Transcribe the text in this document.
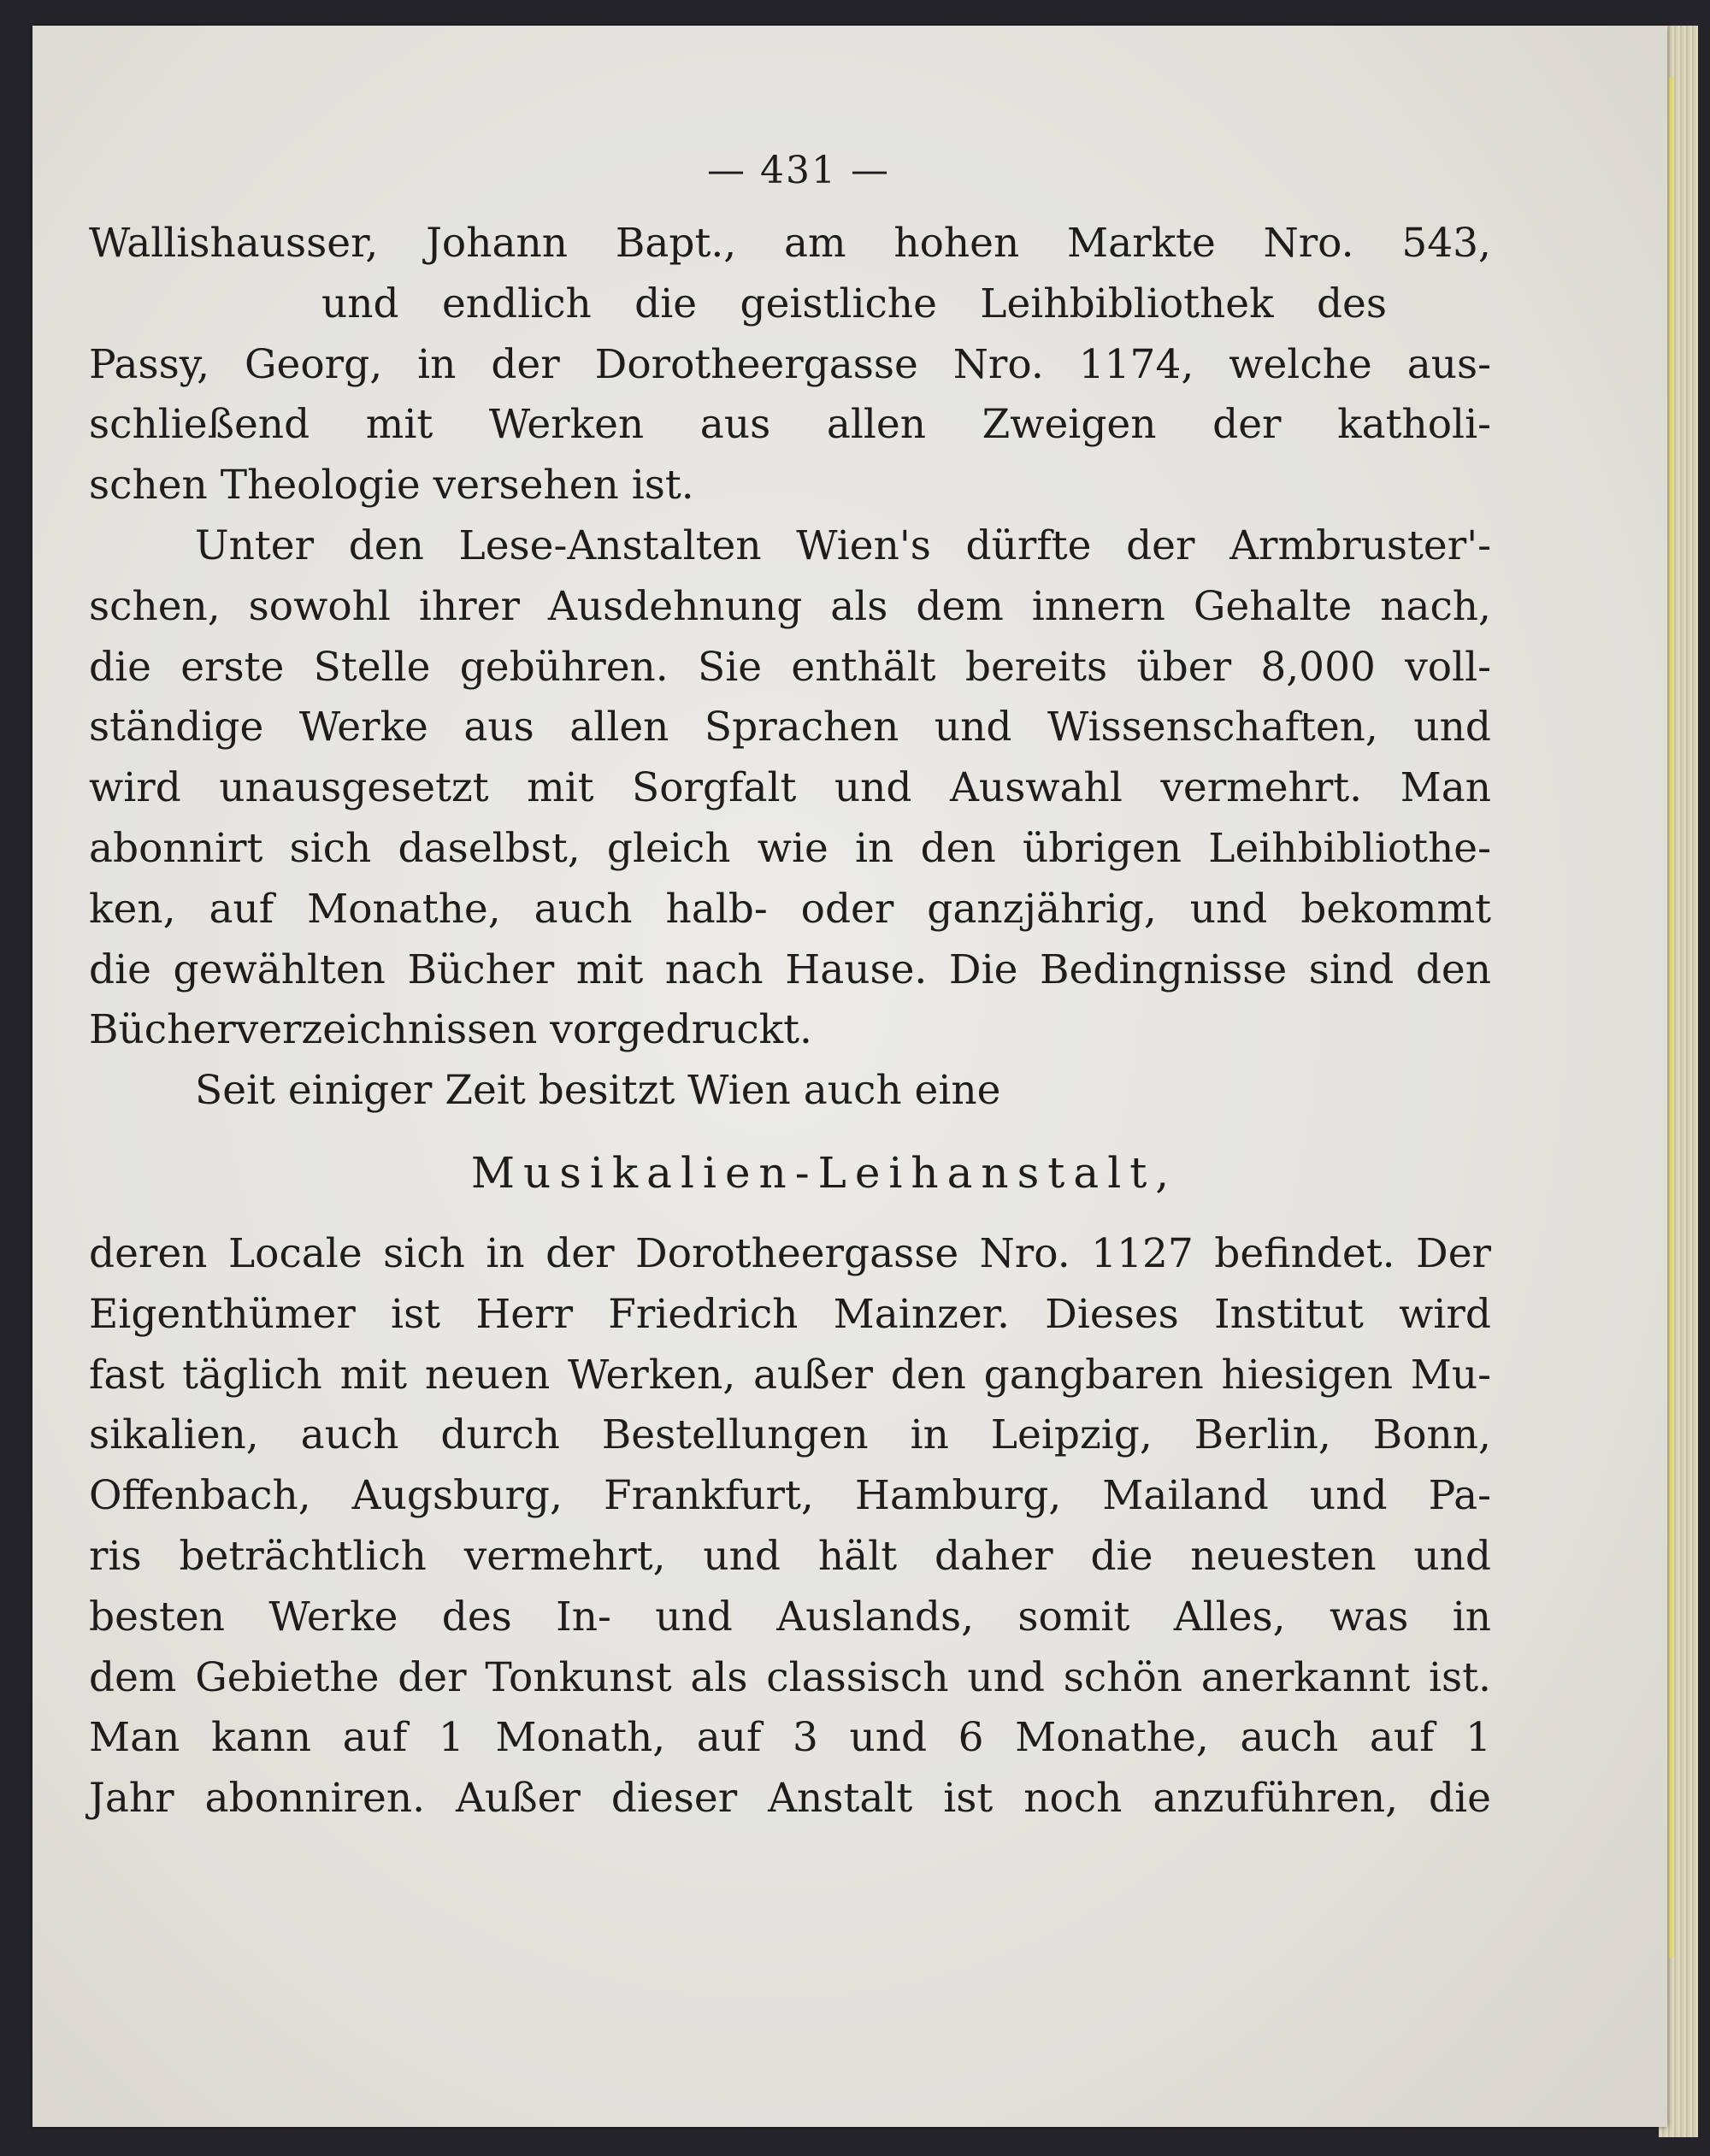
— 431 —
Wallishausser, Johann Bapt., am hohen Markte Nro. 543,
und endlich die geistliche Leihbibliothek des
Passy, Georg, in der Dorotheergasse Nro. 1174, welche aus-
schließend mit Werken aus allen Zweigen der katholi-
schen Theologie versehen ist.
Unter den Lese-Anstalten Wien's dürfte der Armbruster'-
schen, sowohl ihrer Ausdehnung als dem innern Gehalte nach,
die erste Stelle gebühren. Sie enthält bereits über 8,000 voll-
ständige Werke aus allen Sprachen und Wissenschaften, und
wird unausgesetzt mit Sorgfalt und Auswahl vermehrt. Man
abonnirt sich daselbst, gleich wie in den übrigen Leihbibliothe-
ken, auf Monathe, auch halb- oder ganzjährig, und bekommt
die gewählten Bücher mit nach Hause. Die Bedingnisse sind den
Bücherverzeichnissen vorgedruckt.
Seit einiger Zeit besitzt Wien auch eine
Musikalien-Leihanstalt,
deren Locale sich in der Dorotheergasse Nro. 1127 befindet. Der
Eigenthümer ist Herr Friedrich Mainzer. Dieses Institut wird
fast täglich mit neuen Werken, außer den gangbaren hiesigen Mu-
sikalien, auch durch Bestellungen in Leipzig, Berlin, Bonn,
Offenbach, Augsburg, Frankfurt, Hamburg, Mailand und Pa-
ris beträchtlich vermehrt, und hält daher die neuesten und
besten Werke des In- und Auslands, somit Alles, was in
dem Gebiethe der Tonkunst als classisch und schön anerkannt ist.
Man kann auf 1 Monath, auf 3 und 6 Monathe, auch auf 1
Jahr abonniren. Außer dieser Anstalt ist noch anzuführen, die
